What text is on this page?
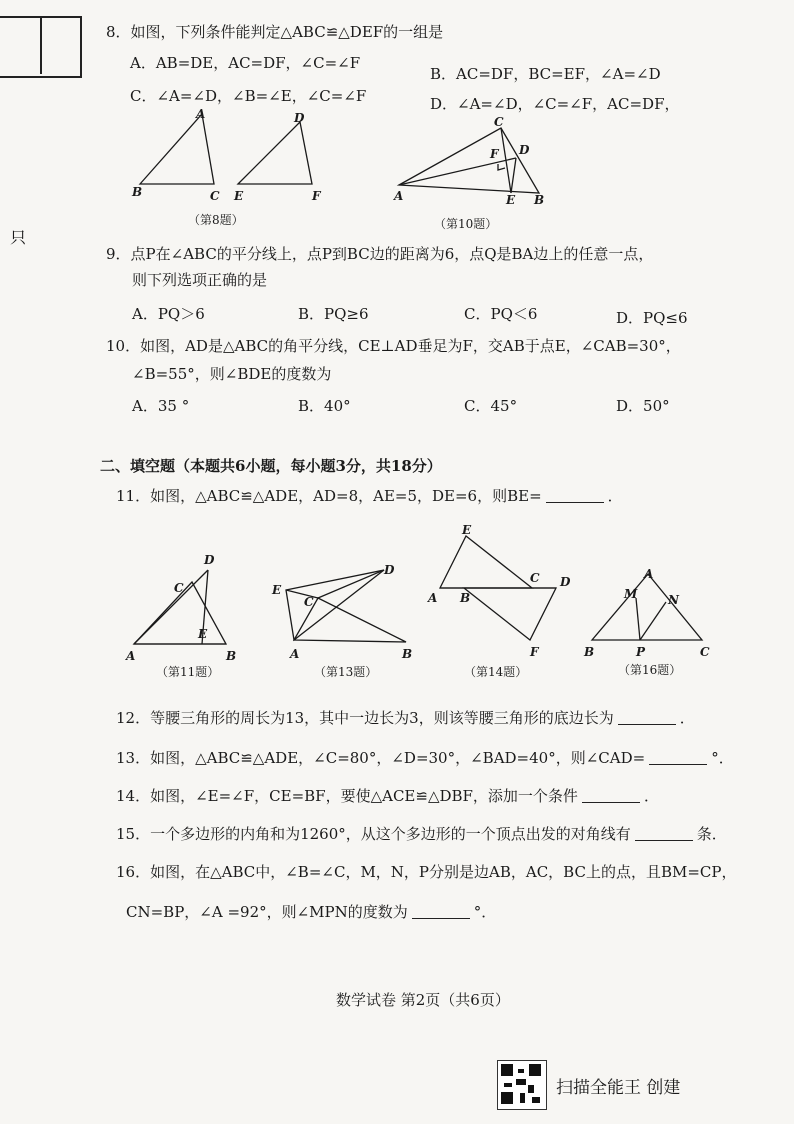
只
8．如图，下列条件能判定△ABC≌△DEF的一组是
A．AB=DE，AC=DF，∠C=∠F
B．AC=DF，BC=EF，∠A=∠D
C．∠A=∠D，∠B=∠E，∠C=∠F	D．∠A=∠D，∠C=∠F，AC=DF，
A
B	C
D
E	F
（第8题）
A
C
F D
E B
（第10题）
9．点P在∠ABC的平分线上，点P到BC边的距离为6，点Q是BA边上的任意一点，
则下列选项正确的是
A．PQ＞6	B．PQ≥6	C．PQ＜6	D．PQ≤6
10．如图，AD是△ABC的角平分线，CE⊥AD垂足为F，交AB于点E，∠CAB=30°，
∠B=55°，则∠BDE的度数为
A．35 °	B．40°	C．45°	D．50°
二、填空题（本题共6小题，每小题3分，共18分）
11．如图，△ABC≌△ADE，AD=8，AE=5，DE=6，则BE=	．
D
C
A
E
B
（第11题）
E
C
D
A	B
（第13题）
E
C D
A B
F
（第14题）
A
M	N
B	P	C
（第16题）
12．等腰三角形的周长为13，其中一边长为3，则该等腰三角形的底边长为	．
13．如图，△ABC≌△ADE，∠C=80°，∠D=30°，∠BAD=40°，则∠CAD=	°．
14．如图，∠E=∠F，CE=BF，要使△ACE≌△DBF，添加一个条件	．
15．一个多边形的内角和为1260°，从这个多边形的一个顶点出发的对角线有	条．
16．如图，在△ABC中，∠B=∠C，M，N，P分别是边AB，AC，BC上的点，且BM=CP，
CN=BP，∠A =92°，则∠MPN的度数为	°．
数学试卷 第2页（共6页）
扫描全能王 创建
